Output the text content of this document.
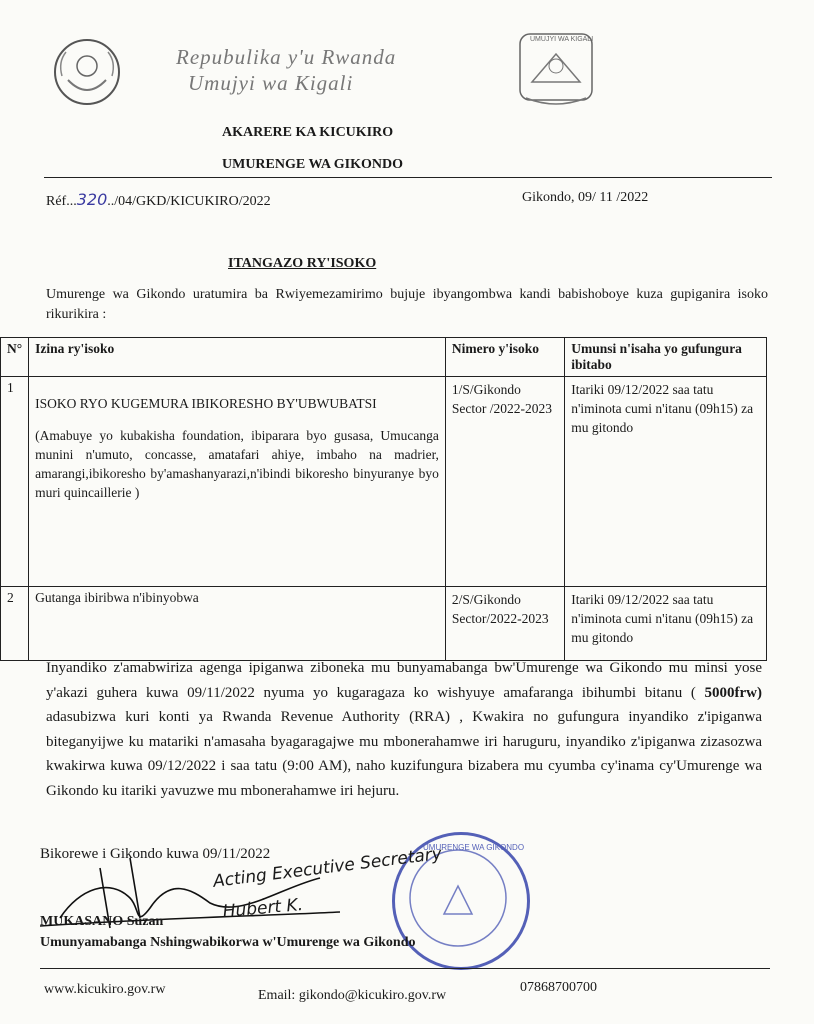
Repubulika y'u Rwanda
Umujyi wa Kigali
UMUJYI WA KIGALI
AKARERE KA KICUKIRO
UMURENGE WA GIKONDO
Réf...320../04/GKD/KICUKIRO/2022	Gikondo, 09/ 11 /2022
ITANGAZO RY'ISOKO
Umurenge wa Gikondo uratumira ba Rwiyemezamirimo bujuje ibyangombwa kandi babishoboye kuza gupiganira isoko rikurikira :
N°	Izina ry'isoko	Nimero y'isoko	Umunsi n'isaha yo gufungura ibitabo
1	ISOKO RYO KUGEMURA IBIKORESHO BY'UBWUBATSI
(Amabuye yo kubakisha foundation, ibiparara byo gusasa, Umucanga munini n'umuto, concasse, amatafari ahiye, imbaho na madrier, amarangi,ibikoresho by'amashanyarazi,n'ibindi bikoresho binyuranye byo muri quincaillerie )	1/S/Gikondo Sector /2022-2023	Itariki 09/12/2022 saa tatu n'iminota cumi n'itanu (09h15) za mu gitondo
2	Gutanga ibiribwa n'ibinyobwa	2/S/Gikondo Sector/2022-2023	Itariki 09/12/2022 saa tatu n'iminota cumi n'itanu (09h15) za mu gitondo
Inyandiko z'amabwiriza agenga ipiganwa ziboneka mu bunyamabanga bw'Umurenge wa Gikondo mu minsi yose y'akazi guhera kuwa 09/11/2022 nyuma yo kugaragaza ko wishyuye amafaranga ibihumbi bitanu ( 5000frw) adasubizwa kuri konti ya Rwanda Revenue Authority (RRA) , Kwakira no gufungura inyandiko z'ipiganwa biteganyijwe ku matariki n'amasaha byagaragajwe mu mbonerahamwe iri haruguru, inyandiko z'ipiganwa zizasozwa kwakirwa kuwa 09/12/2022 i saa tatu (9:00 AM), naho kuzifungura bizabera mu cyumba cy'inama cy'Umurenge wa Gikondo ku itariki yavuzwe mu mbonerahamwe iri hejuru.
Bikorewe i Gikondo kuwa 09/11/2022	UMURENGE WA GIKONDO
Acting Executive Secretary
Hubert K.
MUKASANO Suzan
Umunyamabanga Nshingwabikorwa w'Umurenge wa Gikondo
www.kicukiro.gov.rw	Email: gikondo@kicukiro.gov.rw
07868700700
